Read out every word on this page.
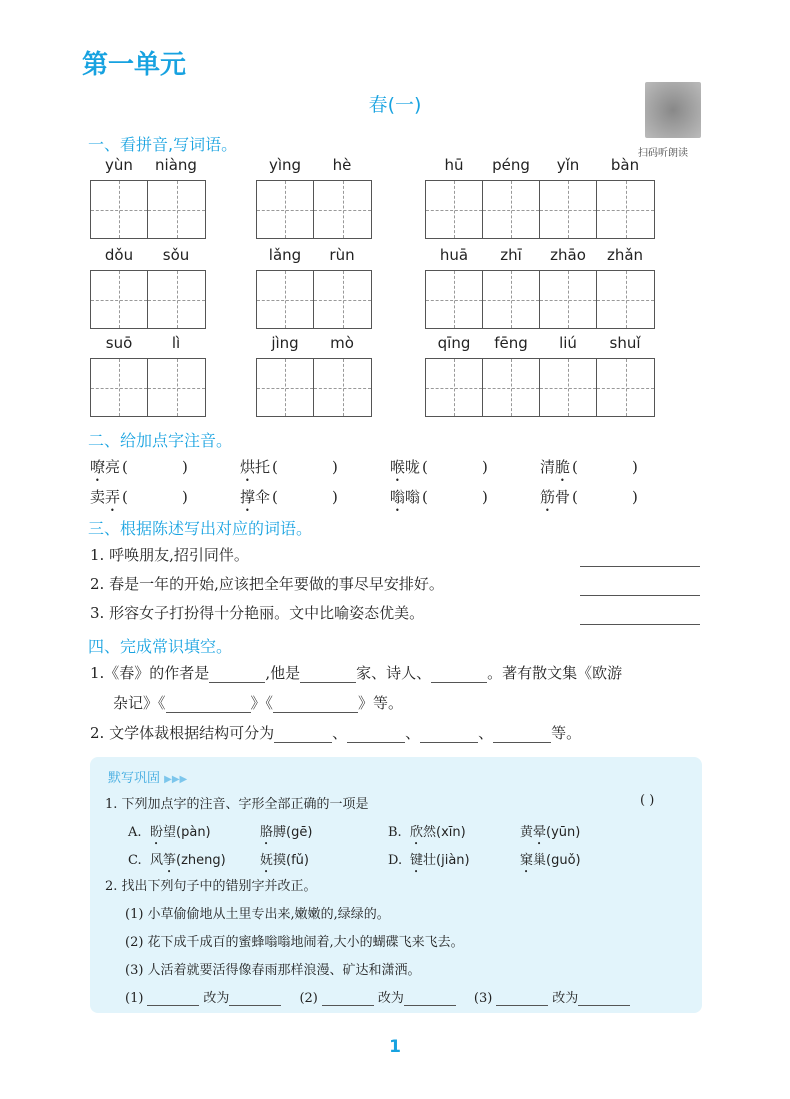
第一单元
春(一)
扫码听朗读
一、看拼音,写词语。
二、给加点字注音。
三、根据陈述写出对应的词语。
四、完成常识填空。
1.《春》的作者是	,他是	家、诗人、	。著有散文集《欧游
杂记》《	》《	》等。
2. 文学体裁根据结构可分为	、	、	、	等。
默写巩固 ▶▶▶
1. 下列加点字的注音、字形全部正确的一项是	( )
2. 找出下列句子中的错别字并改正。
(1)	改为	(2)	改为	(3)	改为
A. 盼望(pàn)	胳膊(gē)	B. 欣然(xīn)	黄晕(yūn)
C. 风筝(zheng)	妩摸(fǔ)	D. 键壮(jiàn)	窠巢(guǒ)
(1) 小草偷偷地从土里专出来,嫩嫩的,绿绿的。
(2) 花下成千成百的蜜蜂嗡嗡地闹着,大小的蝴碟飞来飞去。
(3) 人活着就要活得像春雨那样浪漫、矿达和潇洒。
1
yùn	niàng	yìng	hè	hū	péng	yǐn	bàn
dǒu	sǒu	lǎng	rùn	huā	zhī	zhāo	zhǎn
suō	lì	jìng	mò	qīng	fēng	liú	shuǐ
嘹亮 (	)	烘托 (	)	喉咙 (	)	清脆 (	)
卖弄 (	)	撑伞 (	)	嗡嗡 (	)	筋骨 (	)
1. 呼唤朋友,招引同伴。
2. 春是一年的开始,应该把全年要做的事尽早安排好。
3. 形容女子打扮得十分艳丽。文中比喻姿态优美。
